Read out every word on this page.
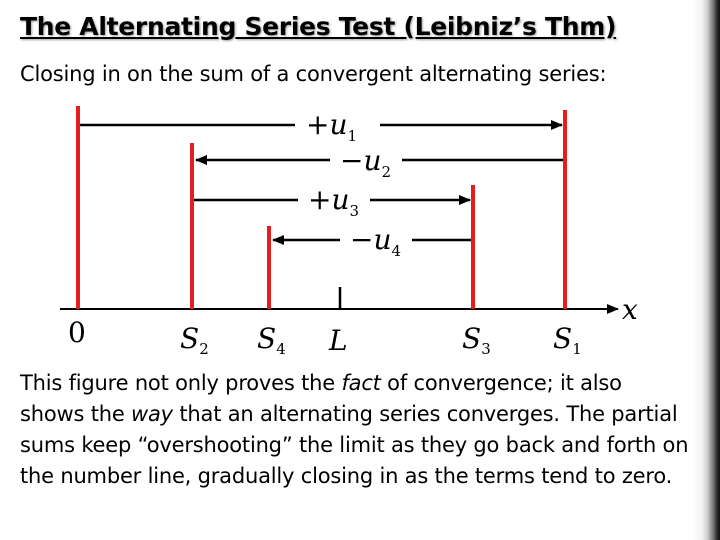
The Alternating Series Test (Leibniz’s Thm)
Closing in on the sum of a convergent alternating series:
x
$+u_1$
$-u_2$
$+u_3$
$-u_4$
0	$S_2$ $S_4$ L	$S_3$ $S_1$
This figure not only proves the fact of convergence; it also shows the way that an alternating series converges. The partial sums keep “overshooting” the limit as they go back and forth on the number line, gradually closing in as the terms tend to zero.
